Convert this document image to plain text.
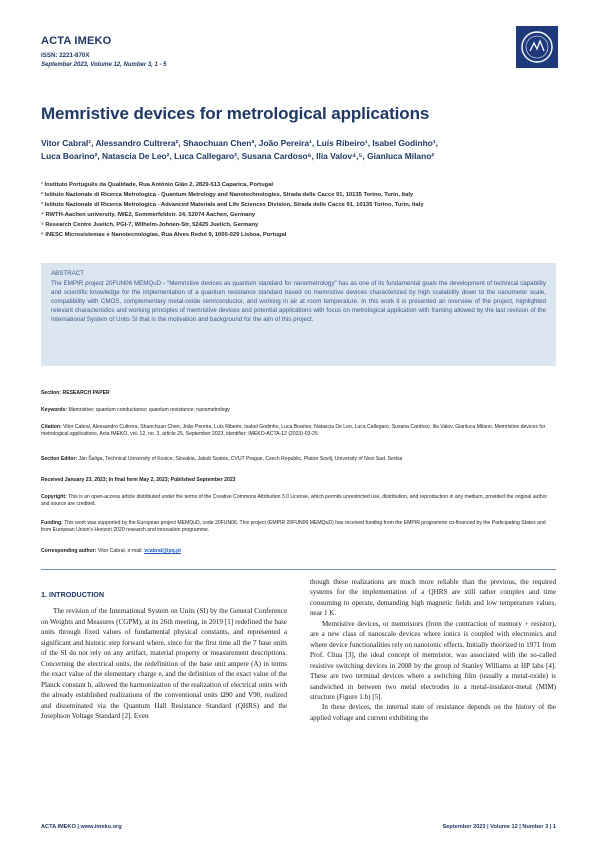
ACTA IMEKO
ISSN: 2221-870X
September 2023, Volume 12, Number 3, 1 - 5
Memristive devices for metrological applications
Vitor Cabral¹, Alessandro Cultrera², Shaochuan Chen³, João Pereira¹, Luís Ribeiro¹, Isabel Godinho¹,
Luca Boarino², Natascia De Leo², Luca Callegaro², Susana Cardoso⁶, Ilia Valov⁴,⁵, Gianluca Milano²
¹ Instituto Português da Qualidade, Rua António Gião 2, 2829-513 Caparica, Portugal
² Istituto Nazionale di Ricerca Metrologica - Quantum Metrology and Nanotechnologies, Strada delle Cacce 91, 10135 Torino, Turin, Italy
³ Istituto Nazionale di Ricerca Metrologica - Advanced Materials and Life Sciences Division, Strada delle Cacce 91, 10135 Torino, Turin, Italy
⁴ RWTH-Aachen university, IWE2, Sommerfeldstr. 24, 52074 Aachen, Germany
⁵ Research Centre Juelich, PGI-7, Wilhelm-Johnen-Str, 52425 Juelich, Germany
⁶ INESC Microsistemas e Nanotecnologias, Rua Alves Redol 9, 1000-029 Lisboa, Portugal
ABSTRACT
The EMPIR project 20FUN06 MEMQuD - "Memristive devices as quantum standard for nanometrology" has as one of its fundamental goals the development of technical capability and scientific knowledge for the implementation of a quantum resistance standard based on memristive devices characterized by high scalability down to the nanometer scale, compatibility with CMOS, complementary metal-oxide semiconductor, and working in air at room temperature. In this work it is presented an overview of the project, highlighted relevant characteristics and working principles of memristive devices and potential applications with focus on metrological application with framing allowed by the last revision of the International System of Units SI that is the motivation and background for the aim of this project.
Section: RESEARCH PAPER
Keywords: Memristive; quantum conductance; quantum resistance; nanometrology
Citation: Vitor Cabral, Alessandro Cultrera, Shaochuan Chen, João Pereira, Luís Ribeiro, Isabel Godinho, Luca Boarino, Natascia De Leo, Luca Callegaro, Susana Cardoso, Ilia Valov, Gianluca Milano, Memristive devices for metrological applications, Acta IMEKO, vol. 12, no. 3, article 25, September 2023, identifier: IMEKO-ACTA-12 (2023)-03-25
Section Editor: Ján Šaliga, Technical University of Kosice, Slovakia, Jakub Svatos, CVUT Prague, Czech Republic, Platon Sovilj, University of Novi Sad, Serbia
Received January 23, 2023; In final form May 2, 2023; Published September 2023
Copyright: This is an open-access article distributed under the terms of the Creative Commons Attribution 3.0 License, which permits unrestricted use, distribution, and reproduction in any medium, provided the original author and source are credited.
Funding: This work was supported by the European project MEMQuD, code 20FUN06. This project (EMPIR 20FUN06 MEMQuD) has received funding from the EMPIR programme co-financed by the Participating States and from European Union's Horizon 2020 research and innovation programme.
Corresponding author: Vitor Cabral, e-mail: vcabral@ipq.pt
1. INTRODUCTION

The revision of the International System on Units (SI) by the General Conference on Weights and Measures (CGPM), at its 26th meeting, in 2019 [1] redefined the base units through fixed values of fundamental physical constants, and represented a significant and historic step forward where, since for the first time all the 7 base units of the SI do not rely on any artifact, material property or measurement descriptions. Concerning the electrical units, the redefinition of the base unit ampere (A) in terms the exact value of the elementary charge e, and the definition of the exact value of the Planck constant h, allowed the harmonization of the realization of electrical units with the already established realizations of the conventional units Ω90 and V90, realized and disseminated via the Quantum Hall Resistance Standard (QHRS) and the Josephson Voltage Standard [2]. Even

though these realizations are much more reliable than the previous, the required systems for the implementation of a QHRS are still rather complex and time consuming to operate, demanding high magnetic fields and low temperature values, near 1 K.

Memristive devices, or memristors (from the contraction of memory + resistor), are a new class of nanoscale devices where ionics is coupled with electronics and where device functionalities rely on nanoionic effects. Initially theorized in 1971 from Prof. Chua [3], the ideal concept of memristor, was associated with the so-called resistive switching devices in 2008 by the group of Stanley Williams at HP labs [4]. These are two terminal devices where a switching film (usually a metal-oxide) is sandwiched in between two metal electrodes in a metal-insulator-metal (MIM) structure (Figure 1.b) [5].

In these devices, the internal state of resistance depends on the history of the applied voltage and current exhibiting the

ACTA IMEKO | www.imeko.org	September 2023 | Volume 12 | Number 3 | 1
